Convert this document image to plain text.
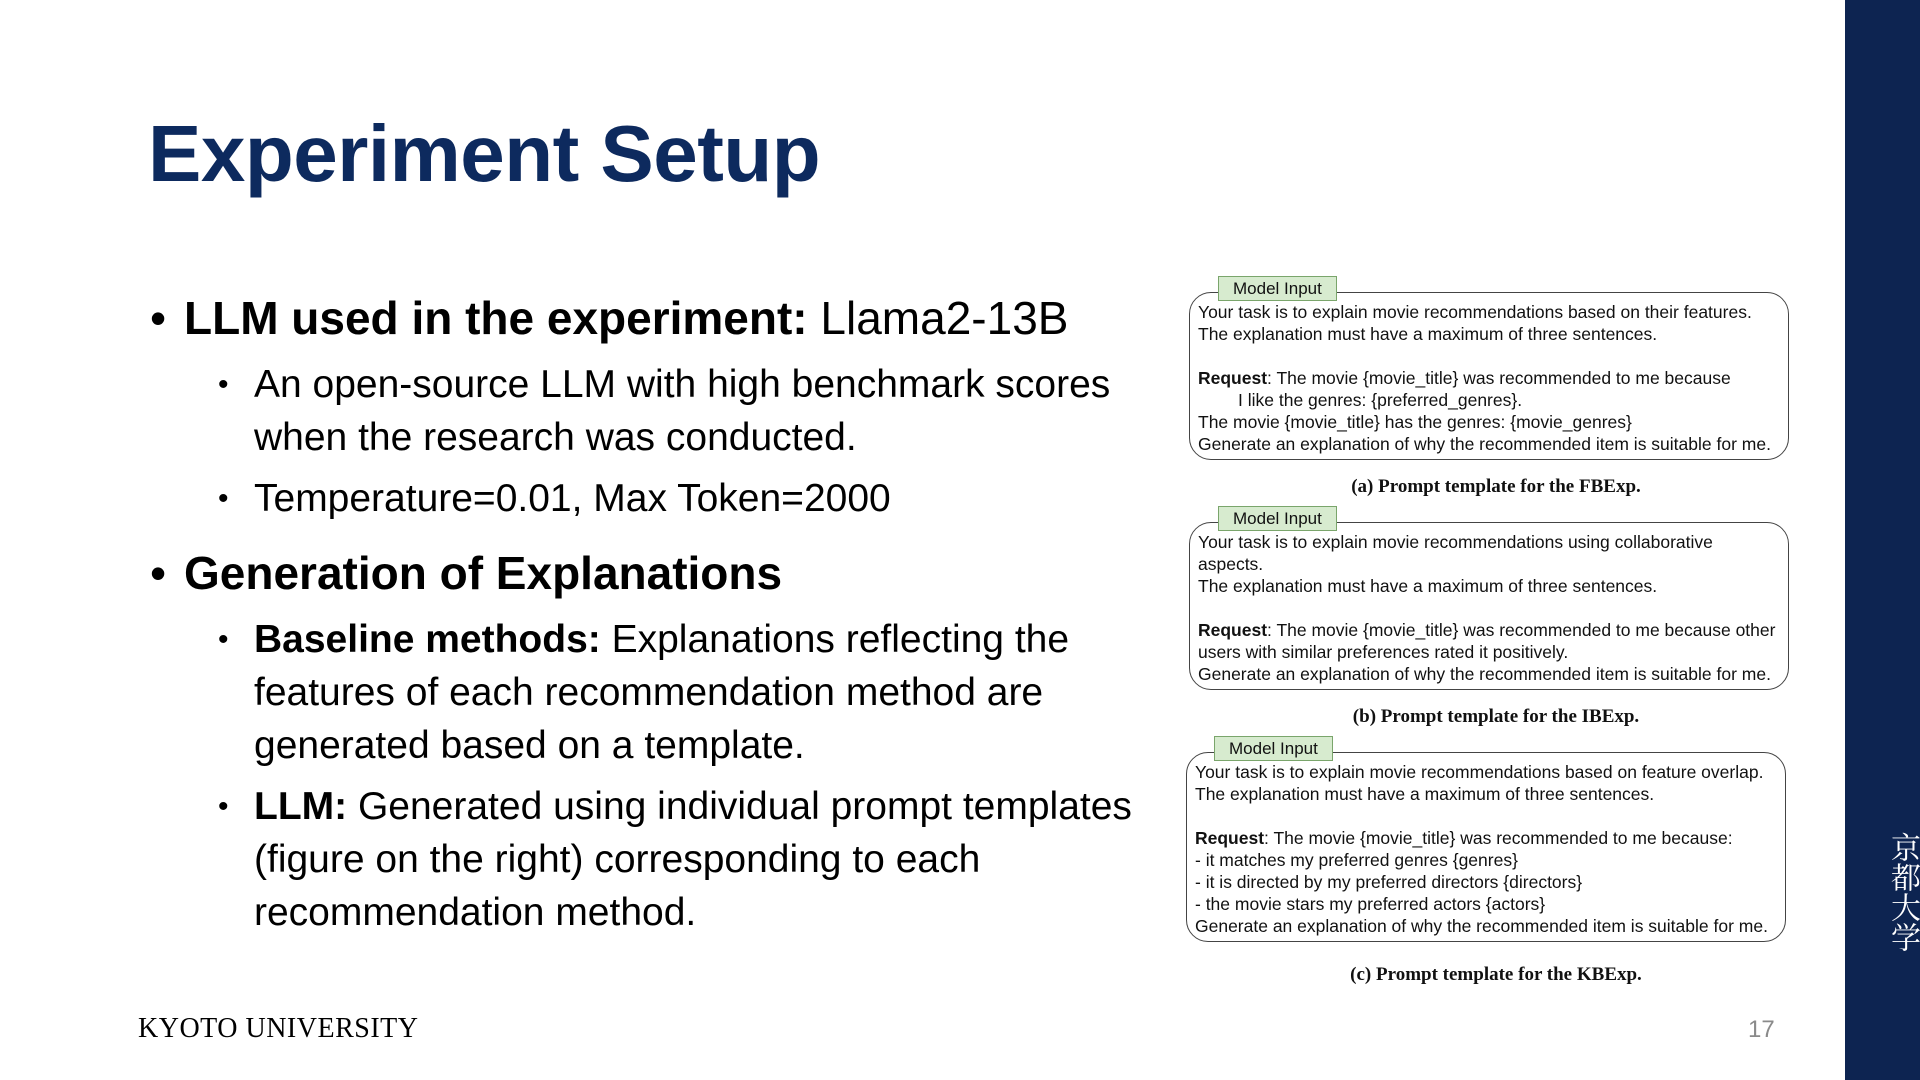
Experiment Setup
• LLM used in the experiment: Llama2-13B
• An open-source LLM with high benchmark scores
when the research was conducted.
• Temperature=0.01, Max Token=2000
• Generation of Explanations
• Baseline methods: Explanations reflecting the
features of each recommendation method are
generated based on a template.
• LLM: Generated using individual prompt templates
(figure on the right) corresponding to each
recommendation method.
Model Input
Your task is to explain movie recommendations based on their features.
The explanation must have a maximum of three sentences.
Request: The movie {movie_title} was recommended to me because
I like the genres: {preferred_genres}.
The movie {movie_title} has the genres: {movie_genres}
Generate an explanation of why the recommended item is suitable for me.
(a) Prompt template for the FBExp.
Model Input
Your task is to explain movie recommendations using collaborative
aspects.
The explanation must have a maximum of three sentences.
Request: The movie {movie_title} was recommended to me because other
users with similar preferences rated it positively.
Generate an explanation of why the recommended item is suitable for me.
(b) Prompt template for the IBExp.
Model Input
Your task is to explain movie recommendations based on feature overlap.
The explanation must have a maximum of three sentences.
Request: The movie {movie_title} was recommended to me because:
- it matches my preferred genres {genres}
- it is directed by my preferred directors {directors}
- the movie stars my preferred actors {actors}
Generate an explanation of why the recommended item is suitable for me.
(c) Prompt template for the KBExp.
KYOTO UNIVERSITY	17
京都大学
